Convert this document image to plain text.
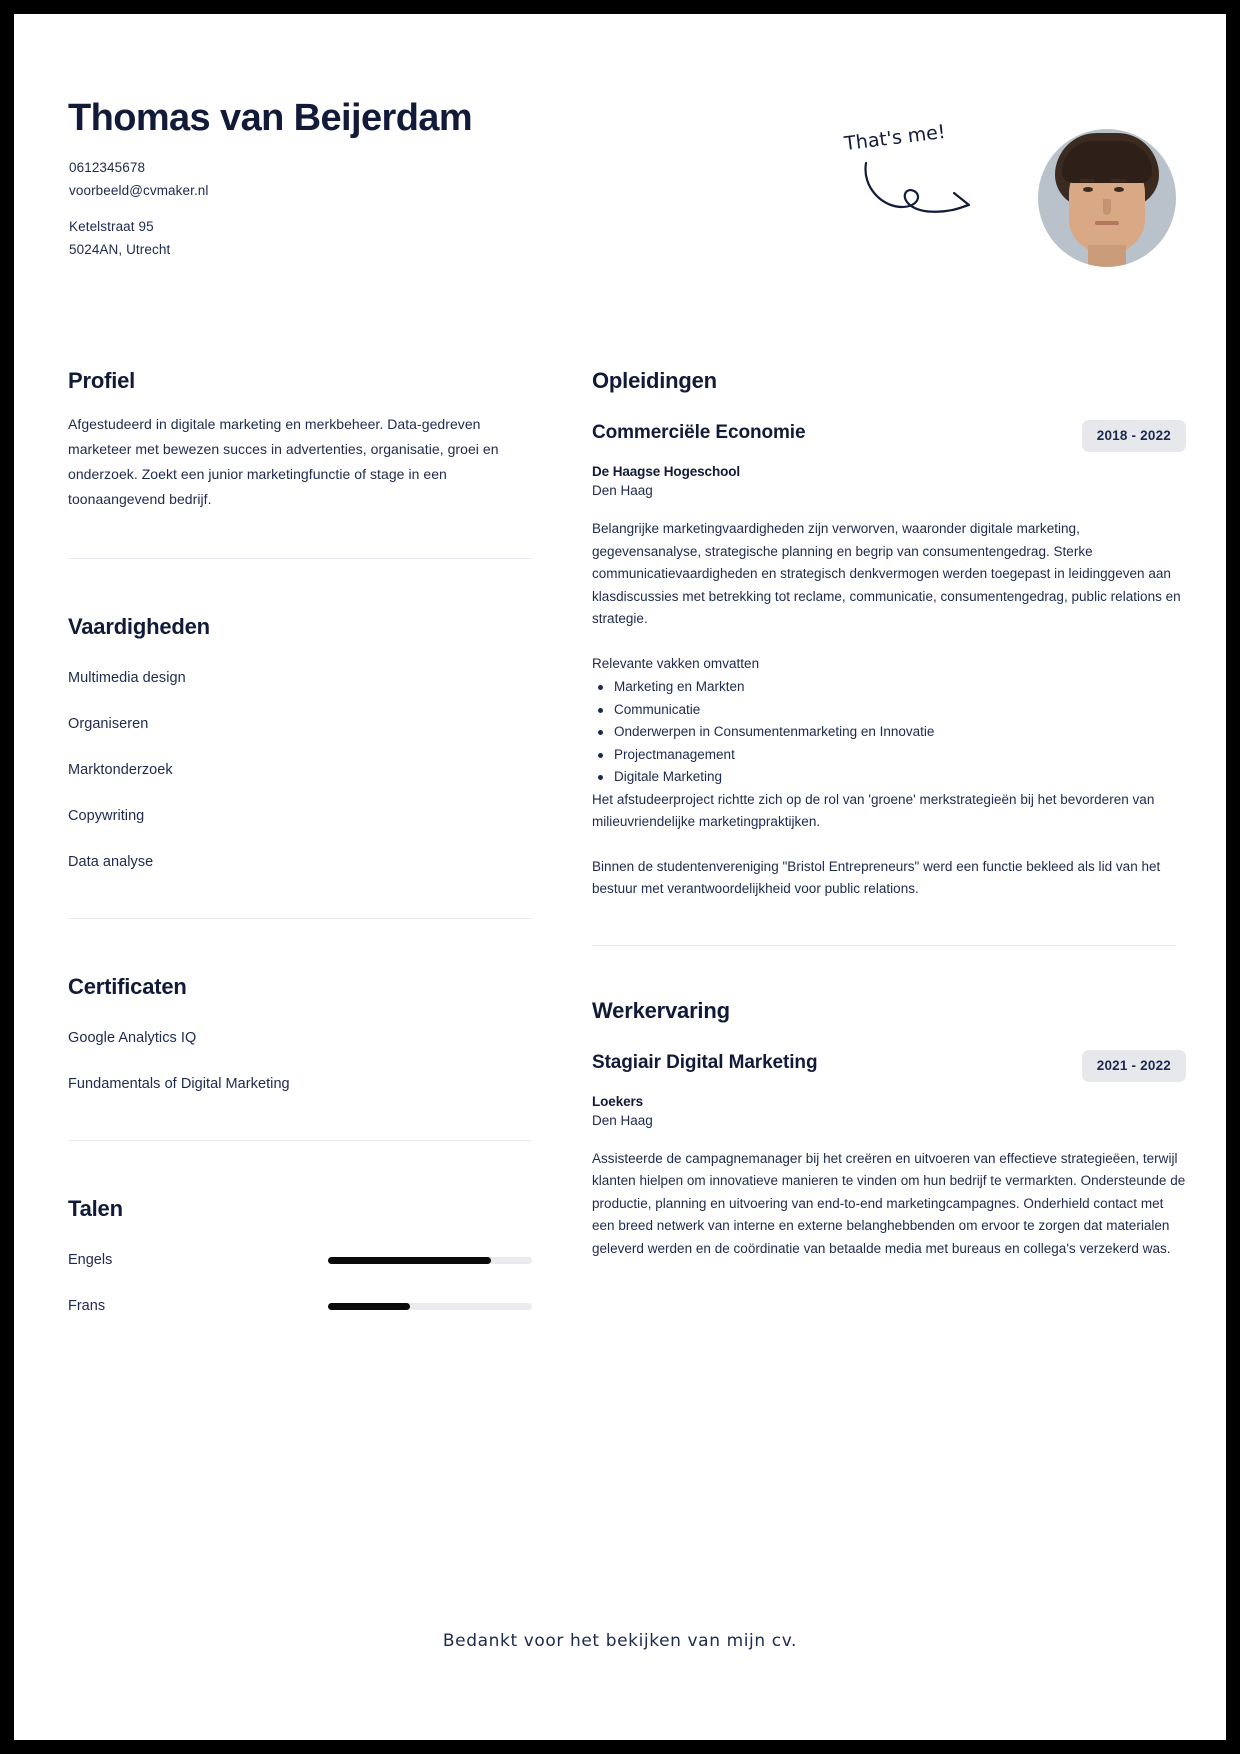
Thomas van Beijerdam
0612345678
voorbeeld@cvmaker.nl
Ketelstraat 95
5024AN, Utrecht
That's me!
Profiel
Afgestudeerd in digitale marketing en merkbeheer. Data-gedreven marketeer met bewezen succes in advertenties, organisatie, groei en onderzoek. Zoekt een junior marketingfunctie of stage in een toonaangevend bedrijf.
Vaardigheden
Multimedia design
Organiseren
Marktonderzoek
Copywriting
Data analyse
Certificaten
Google Analytics IQ
Fundamentals of Digital Marketing
Talen
Engels
Frans
Opleidingen
Commerciële Economie	2018 - 2022
De Haagse Hogeschool
Den Haag

Belangrijke marketingvaardigheden zijn verworven, waaronder digitale marketing, gegevensanalyse, strategische planning en begrip van consumentengedrag. Sterke communicatievaardigheden en strategisch denkvermogen werden toegepast in leidinggeven aan klasdiscussies met betrekking tot reclame, communicatie, consumentengedrag, public relations en strategie.

Relevante vakken omvatten

Marketing en Markten
Communicatie
Onderwerpen in Consumentenmarketing en Innovatie
Projectmanagement
Digitale Marketing

Het afstudeerproject richtte zich op de rol van 'groene' merkstrategieën bij het bevorderen van milieuvriendelijke marketingpraktijken.

Binnen de studentenvereniging "Bristol Entrepreneurs" werd een functie bekleed als lid van het bestuur met verantwoordelijkheid voor public relations.

Werkervaring
Stagiair Digital Marketing	2021 - 2022
Loekers
Den Haag

Assisteerde de campagnemanager bij het creëren en uitvoeren van effectieve strategieëen, terwijl klanten hielpen om innovatieve manieren te vinden om hun bedrijf te vermarkten. Ondersteunde de productie, planning en uitvoering van end-to-end marketingcampagnes. Onderhield contact met een breed netwerk van interne en externe belanghebbenden om ervoor te zorgen dat materialen geleverd werden en de coördinatie van betaalde media met bureaus en collega's verzekerd was.

Bedankt voor het bekijken van mijn cv.
